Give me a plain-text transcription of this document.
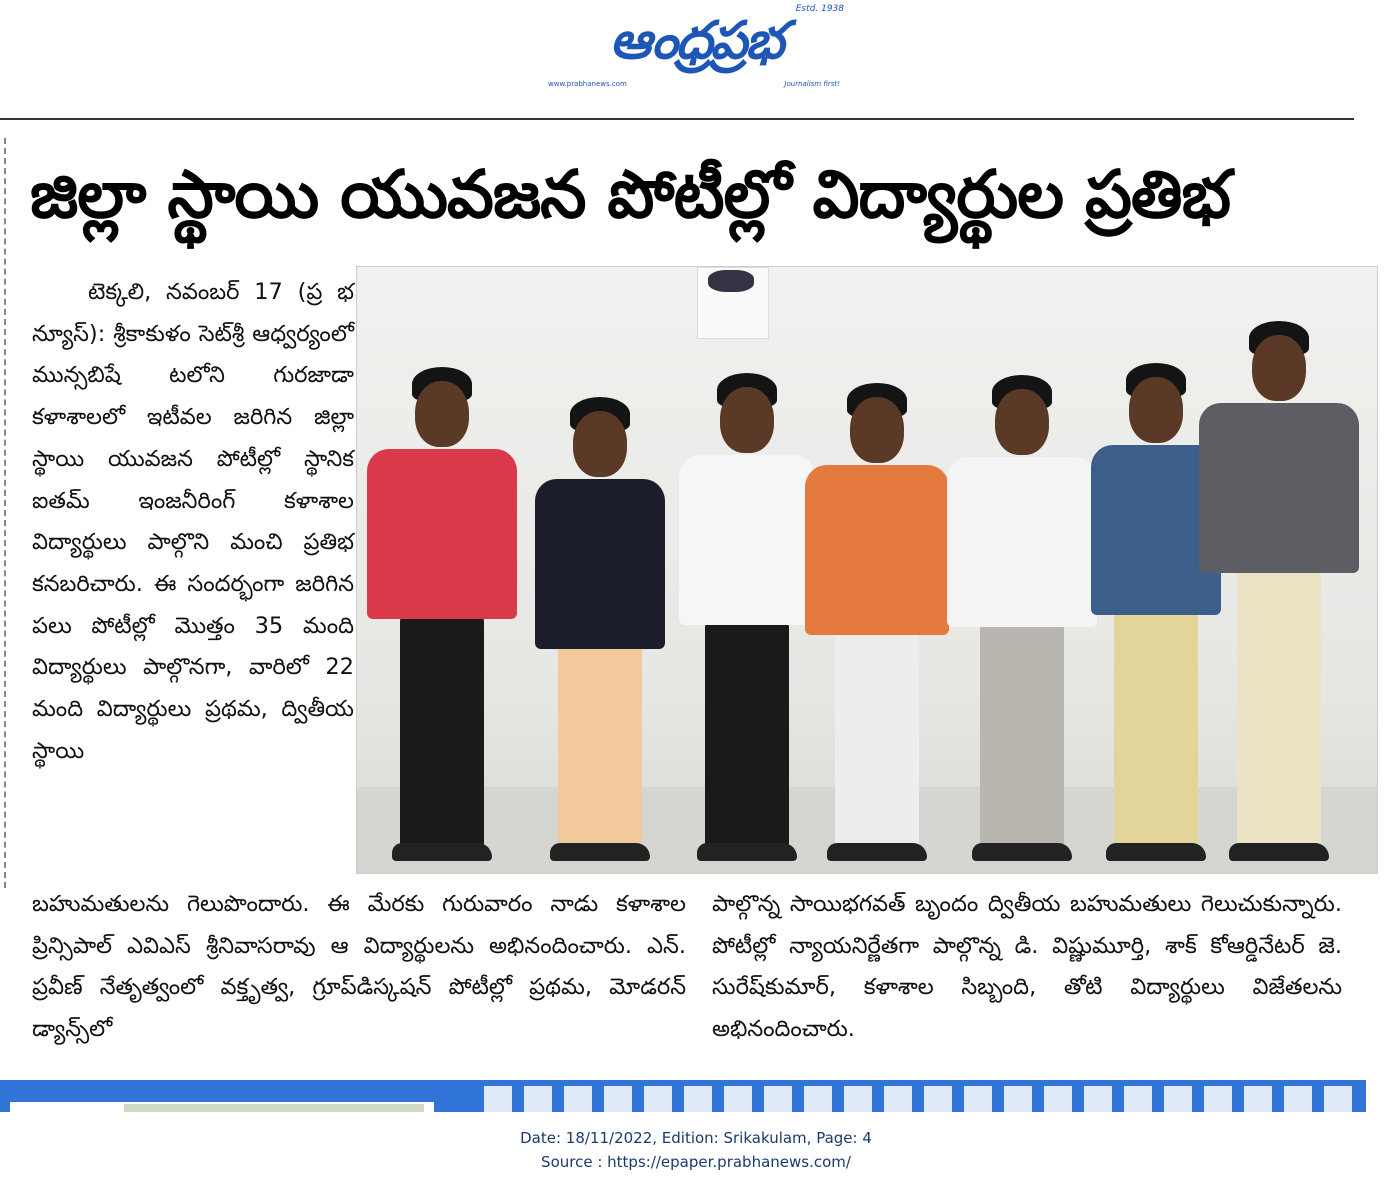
ఆంధ్రప్రభ
Estd. 1938
www.prabhanews.com	Journalism first!
జిల్లా స్థాయి యువజన పోటీల్లో విద్యార్థుల ప్రతిభ

టెక్కలి, నవంబర్ 17 (ప్ర భ న్యూస్): శ్రీకాకుళం సెట్‌శ్రీ ఆధ్వర్యంలో మున్సబిషే టలోని గురజాడా కళాశాలలో ఇటీవల జరిగిన జిల్లా స్థాయి యువజన పోటీల్లో స్థానిక ఐతమ్ ఇంజనీరింగ్ కళాశాల విద్యార్థులు పాల్గొని మంచి ప్రతిభ కనబరిచారు. ఈ సందర్భంగా జరిగిన పలు పోటీల్లో మొత్తం 35 మంది విద్యార్థులు పాల్గొనగా, వారిలో 22 మంది విద్యార్థులు ప్రథమ, ద్వితీయ స్థాయి

బహుమతులను గెలుపొందారు. ఈ మేరకు గురువారం నాడు కళాశాల ప్రిన్సిపాల్ ఎవిఎస్ శ్రీనివాసరావు ఆ విద్యార్థులను అభినందించారు. ఎన్. ప్రవీణ్ నేతృత్వంలో వక్తృత్వ, గ్రూప్‌డిస్కషన్ పోటీల్లో ప్రథమ, మోడరన్ డ్యాన్స్‌లో

పాల్గొన్న సాయిభగవత్ బృందం ద్వితీయ బహుమతులు గెలుచుకున్నారు. పోటీల్లో న్యాయనిర్ణేతగా పాల్గొన్న డి. విష్ణుమూర్తి, శాక్ కోఆర్డినేటర్ జె. సురేష్‌కుమార్, కళాశాల సిబ్బంది, తోటి విద్యార్థులు విజేతలను అభినందించారు.

Date: 18/11/2022, Edition: Srikakulam, Page: 4
Source : https://epaper.prabhanews.com/
